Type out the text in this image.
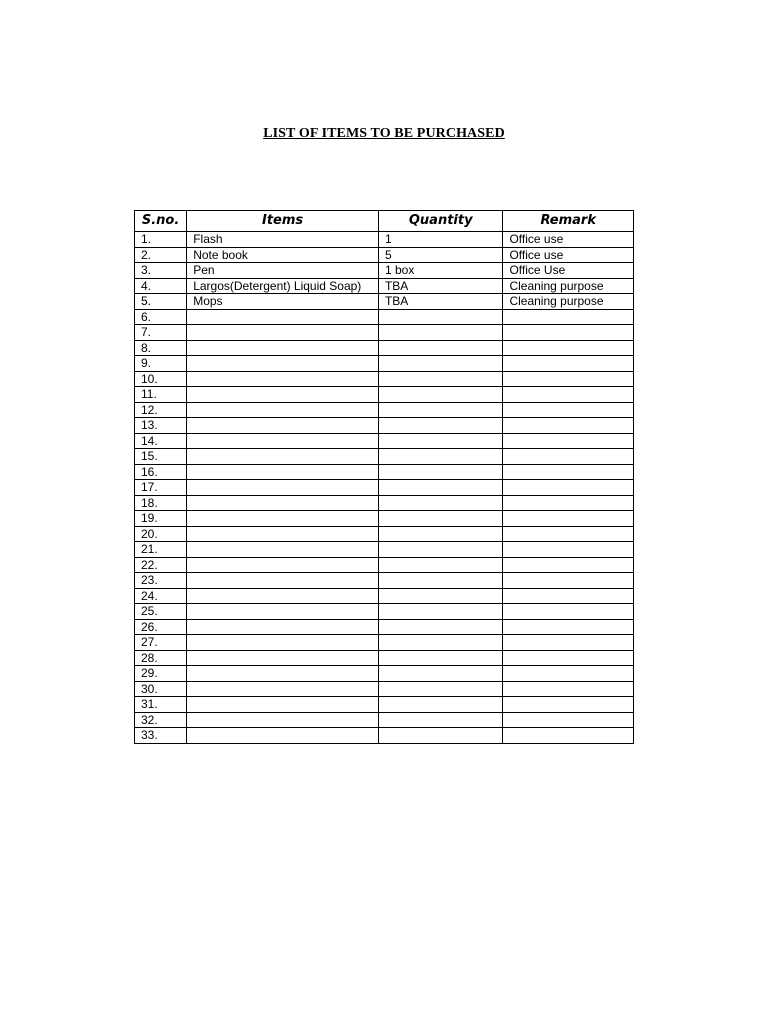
LIST OF ITEMS TO BE PURCHASED
S.no.	Items	Quantity	Remark
1.	Flash	1	Office use
2.	Note book	5	Office use
3.	Pen	1 box	Office Use
4.	Largos(Detergent) Liquid Soap)	TBA	Cleaning purpose
5.	Mops	TBA	Cleaning purpose
6.			
7.			
8.			
9.			
10.			
11.			
12.			
13.			
14.			
15.			
16.			
17.			
18.			
19.			
20.			
21.			
22.			
23.			
24.			
25.			
26.			
27.			
28.			
29.			
30.			
31.			
32.			
33.			
